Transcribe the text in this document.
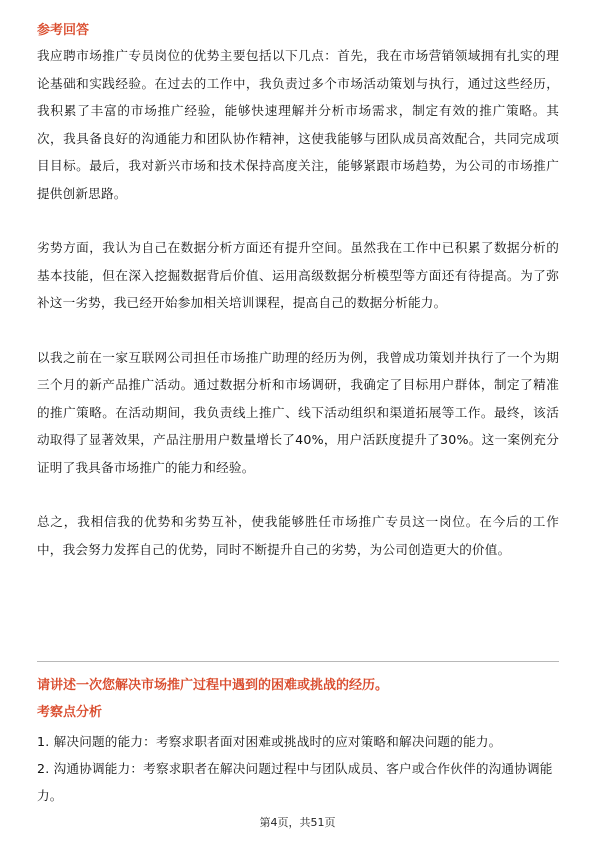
参考回答

我应聘市场推广专员岗位的优势主要包括以下几点：首先，我在市场营销领域拥有扎实的理论基础和实践经验。在过去的工作中，我负责过多个市场活动策划与执行，通过这些经历，我积累了丰富的市场推广经验，能够快速理解并分析市场需求，制定有效的推广策略。其次，我具备良好的沟通能力和团队协作精神，这使我能够与团队成员高效配合，共同完成项目目标。最后，我对新兴市场和技术保持高度关注，能够紧跟市场趋势，为公司的市场推广提供创新思路。

劣势方面，我认为自己在数据分析方面还有提升空间。虽然我在工作中已积累了数据分析的基本技能，但在深入挖掘数据背后价值、运用高级数据分析模型等方面还有待提高。为了弥补这一劣势，我已经开始参加相关培训课程，提高自己的数据分析能力。

以我之前在一家互联网公司担任市场推广助理的经历为例，我曾成功策划并执行了一个为期三个月的新产品推广活动。通过数据分析和市场调研，我确定了目标用户群体，制定了精准的推广策略。在活动期间，我负责线上推广、线下活动组织和渠道拓展等工作。最终，该活动取得了显著效果，产品注册用户数量增长了40%，用户活跃度提升了30%。这一案例充分证明了我具备市场推广的能力和经验。

总之，我相信我的优势和劣势互补，使我能够胜任市场推广专员这一岗位。在今后的工作中，我会努力发挥自己的优势，同时不断提升自己的劣势，为公司创造更大的价值。

请讲述一次您解决市场推广过程中遇到的困难或挑战的经历。
考察点分析
1. 解决问题的能力：考察求职者面对困难或挑战时的应对策略和解决问题的能力。
2. 沟通协调能力：考察求职者在解决问题过程中与团队成员、客户或合作伙伴的沟通协调能力。
第4页，共51页
